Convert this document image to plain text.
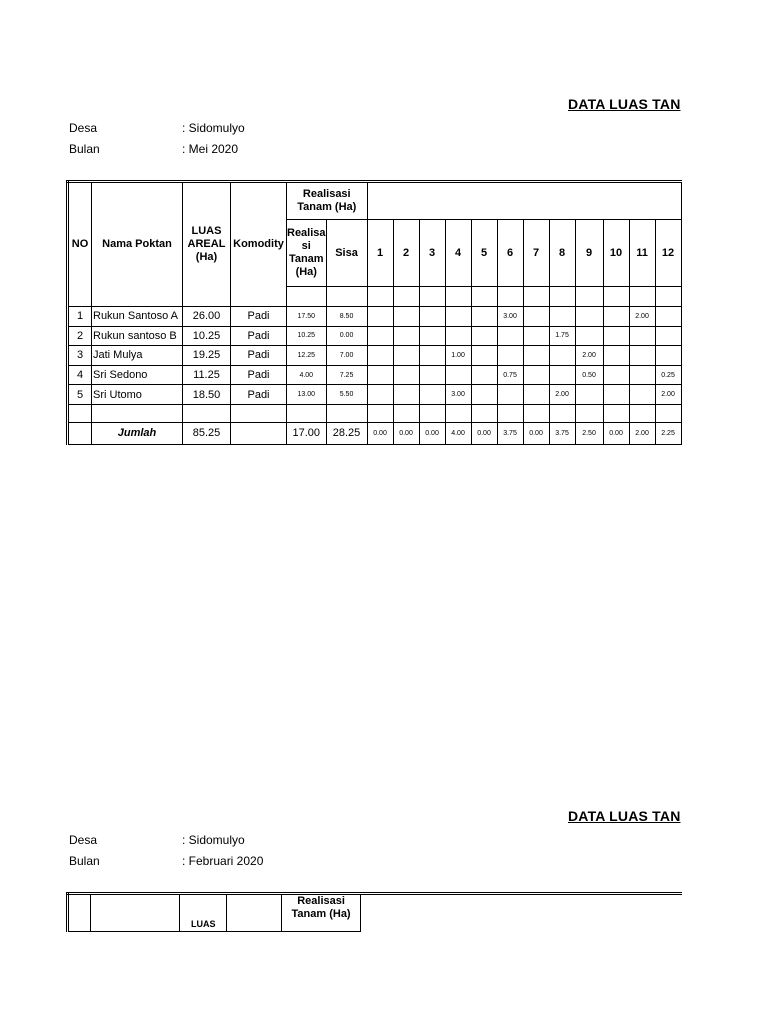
DATA LUAS TAN
Desa	: Sidomulyo
Bulan	: Mei 2020
NO	Nama Poktan	LUAS AREAL (Ha)	Komodity	Realisasi Tanam (Ha)													
				Realisa si Tanam (Ha)	Sisa	1	2	3	4	5	6	7	8	9	10	11	12

1	Rukun Santoso A	26.00	Padi	17.50	8.50						3.00					2.00	
2	Rukun santoso B	10.25	Padi	10.25	0.00								1.75				
3	Jati Mulya	19.25	Padi	12.25	7.00				1.00					2.00			
4	Sri Sedono	11.25	Padi	4.00	7.25						0.75			0.50			0.25
5	Sri Utomo	18.50	Padi	13.00	5.50				3.00				2.00				2.00

	Jumlah	85.25		17.00	28.25	0.00	0.00	0.00	4.00	0.00	3.75	0.00	3.75	2.50	0.00	2.00	2.25
DATA LUAS TAN
Desa	: Sidomulyo
Bulan	: Februari 2020
		LUAS		Realisasi Tanam (Ha)	
